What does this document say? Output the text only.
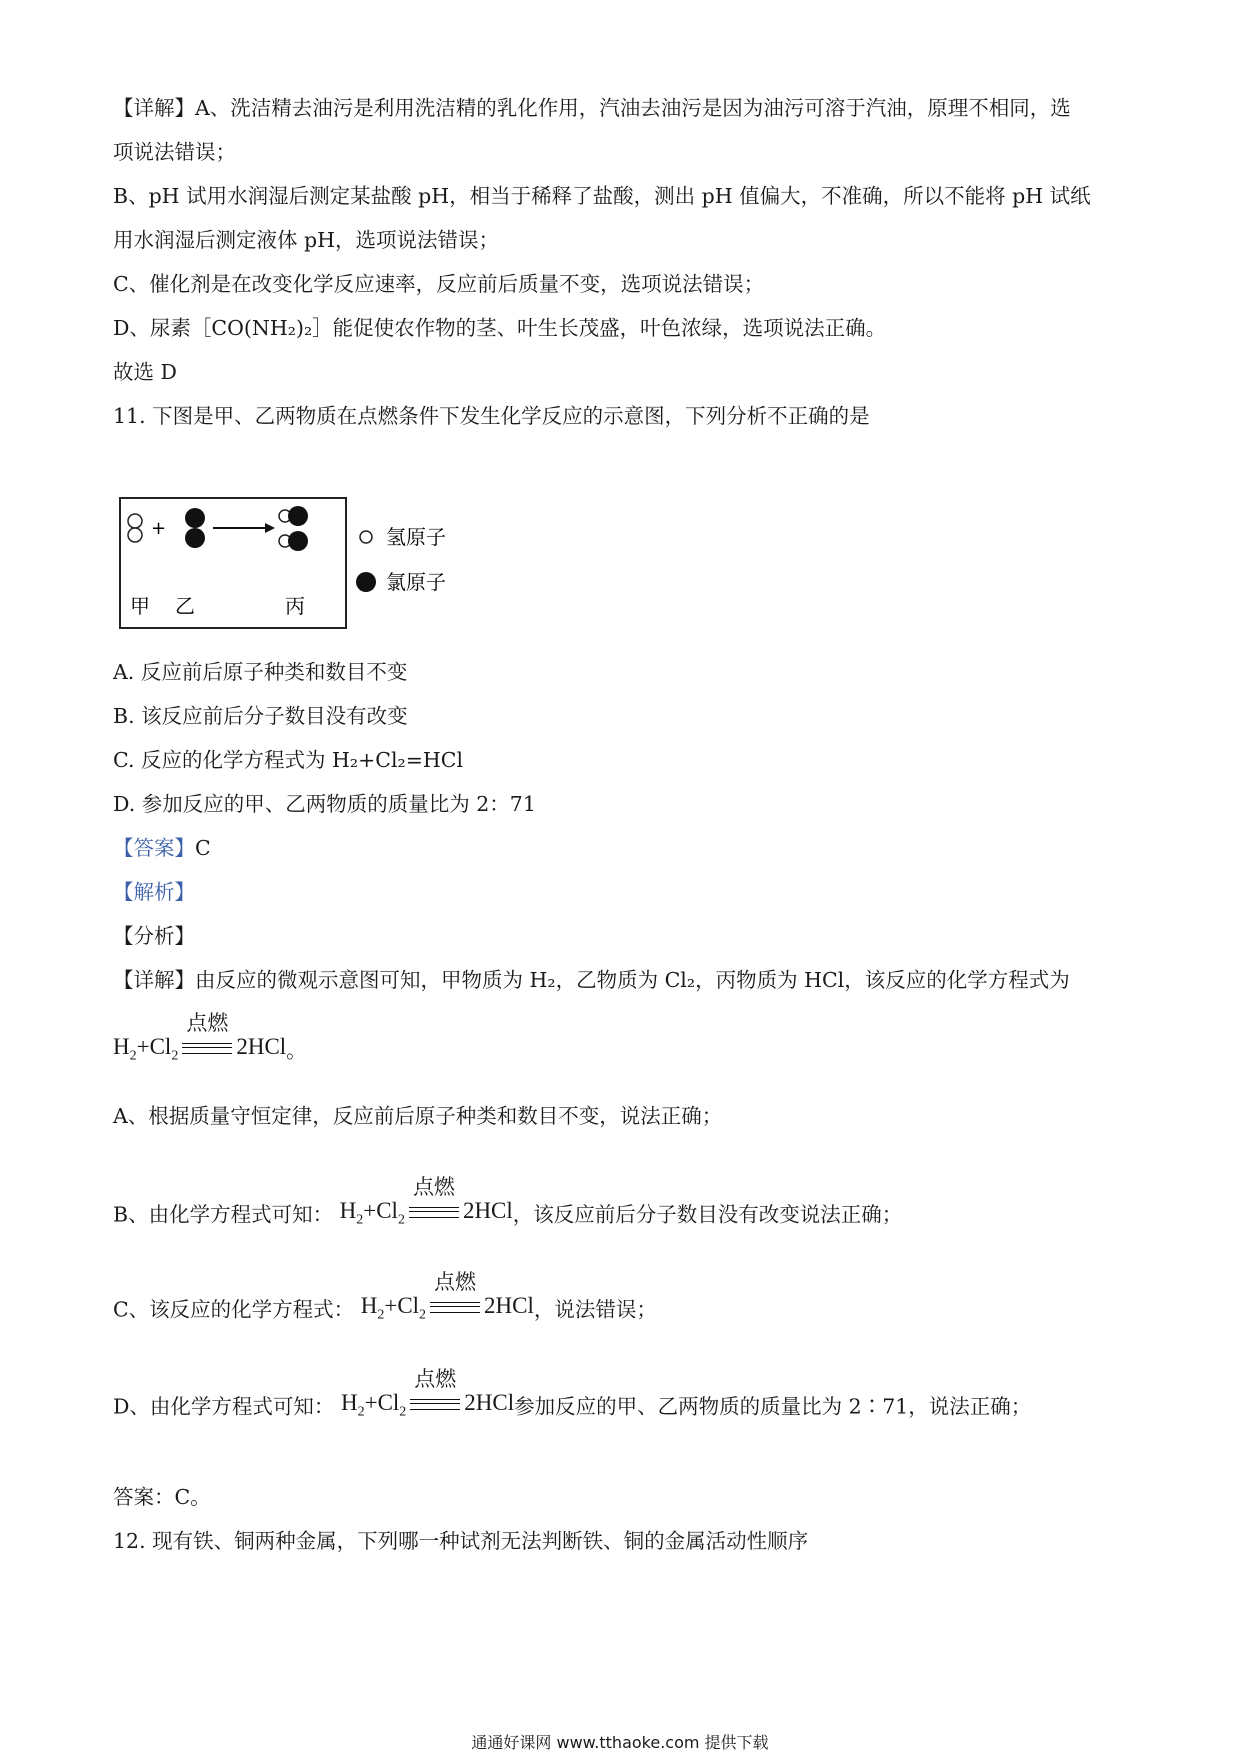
【详解】A、洗洁精去油污是利用洗洁精的乳化作用，汽油去油污是因为油污可溶于汽油，原理不相同，选
项说法错误；
B、pH 试用水润湿后测定某盐酸 pH，相当于稀释了盐酸，测出 pH 值偏大，不准确，所以不能将 pH 试纸
用水润湿后测定液体 pH，选项说法错误；
C、催化剂是在改变化学反应速率，反应前后质量不变，选项说法错误；
D、尿素［CO(NH₂)₂］能促使农作物的茎、叶生长茂盛，叶色浓绿，选项说法正确。
故选 D
11. 下图是甲、乙两物质在点燃条件下发生化学反应的示意图，下列分析不正确的是
+
甲 乙	丙
氢原子
氯原子
A. 反应前后原子种类和数目不变
B. 该反应前后分子数目没有改变
C. 反应的化学方程式为 H₂+Cl₂=HCl
D. 参加反应的甲、乙两物质的质量比为 2：71
【答案】C
【解析】
【分析】
【详解】由反应的微观示意图可知，甲物质为 H₂，乙物质为 Cl₂，丙物质为 HCl，该反应的化学方程式为
$H_2+Cl_2$
点燃
2HCl。
A、根据质量守恒定律，反应前后原子种类和数目不变，说法正确；
B、由化学方程式可知： $H_2+Cl_2$
点燃
2HCl，该反应前后分子数目没有改变说法正确；
C、该反应的化学方程式： $H_2+Cl_2$
点燃
2HCl，说法错误；
D、由化学方程式可知： $H_2+Cl_2$
点燃
2HCl参加反应的甲、乙两物质的质量比为 2∶71，说法正确；
答案：C。
12. 现有铁、铜两种金属，下列哪一种试剂无法判断铁、铜的金属活动性顺序
通通好课网 www.tthaoke.com 提供下载
